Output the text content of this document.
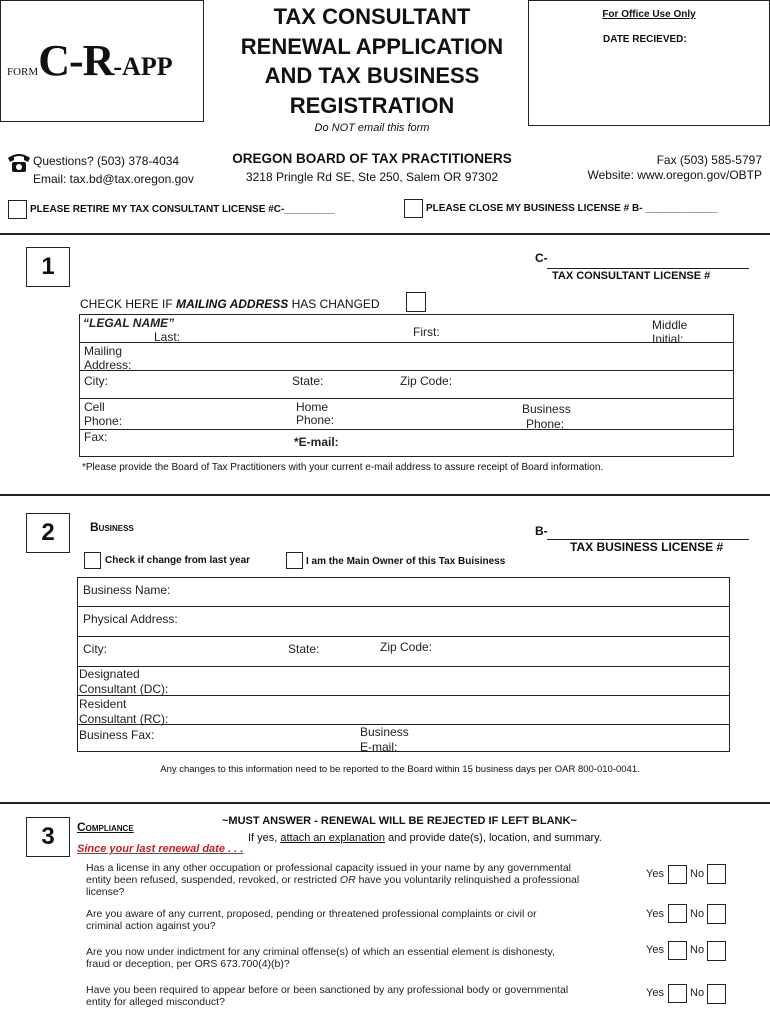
FORMC-R-APP
TAX CONSULTANT
RENEWAL APPLICATION
AND TAX BUSINESS
REGISTRATION
Do NOT email this form
For Office Use Only
DATE RECIEVED:
Questions? (503) 378-4034
Email: tax.bd@tax.oregon.gov
OREGON BOARD OF TAX PRACTITIONERS
3218 Pringle Rd SE, Ste 250, Salem OR 97302
Fax (503) 585-5797
Website: www.oregon.gov/OBTP
PLEASE RETIRE MY TAX CONSULTANT LICENSE #C-_________	PLEASE CLOSE MY BUSINESS LICENSE # B- _____________
1	C-
TAX CONSULTANT LICENSE #
CHECK HERE IF MAILING ADDRESS HAS CHANGED
“LEGAL NAME”
Last:	First:	Middle
Initial:
Mailing
Address:
City:	State:	Zip Code:
Cell
Phone:
Home
Phone:
Business
Phone:
Fax:	*E-mail:
*Please provide the Board of Tax Practitioners with your current e-mail address to assure receipt of Board information.
2	Business	B-
TAX BUSINESS LICENSE #
Check if change from last year	I am the Main Owner of this Tax Buisiness
Business Name:
Physical Address:
City:	State:	Zip Code:
Designated
Consultant (DC):
Resident
Consultant (RC):
Business Fax:	Business
E-mail:
Any changes to this information need to be reported to the Board within 15 business days per OAR 800-010-0041.
3	Compliance
Since your last renewal date . . .
~MUST ANSWER - RENEWAL WILL BE REJECTED IF LEFT BLANK~
If yes, attach an explanation and provide date(s), location, and summary.
Has a license in any other occupation or professional capacity issued in your name by any governmental
entity been refused, suspended, revoked, or restricted OR have you voluntarily relinquished a professional
license?
Yes No
Are you aware of any current, proposed, pending or threatened professional complaints or civil or
criminal action against you?
Yes No
Are you now under indictment for any criminal offense(s) of which an essential element is dishonesty,
fraud or deception, per ORS 673.700(4)(b)?
Yes No
Have you been required to appear before or been sanctioned by any professional body or governmental
entity for alleged misconduct?
Yes No
